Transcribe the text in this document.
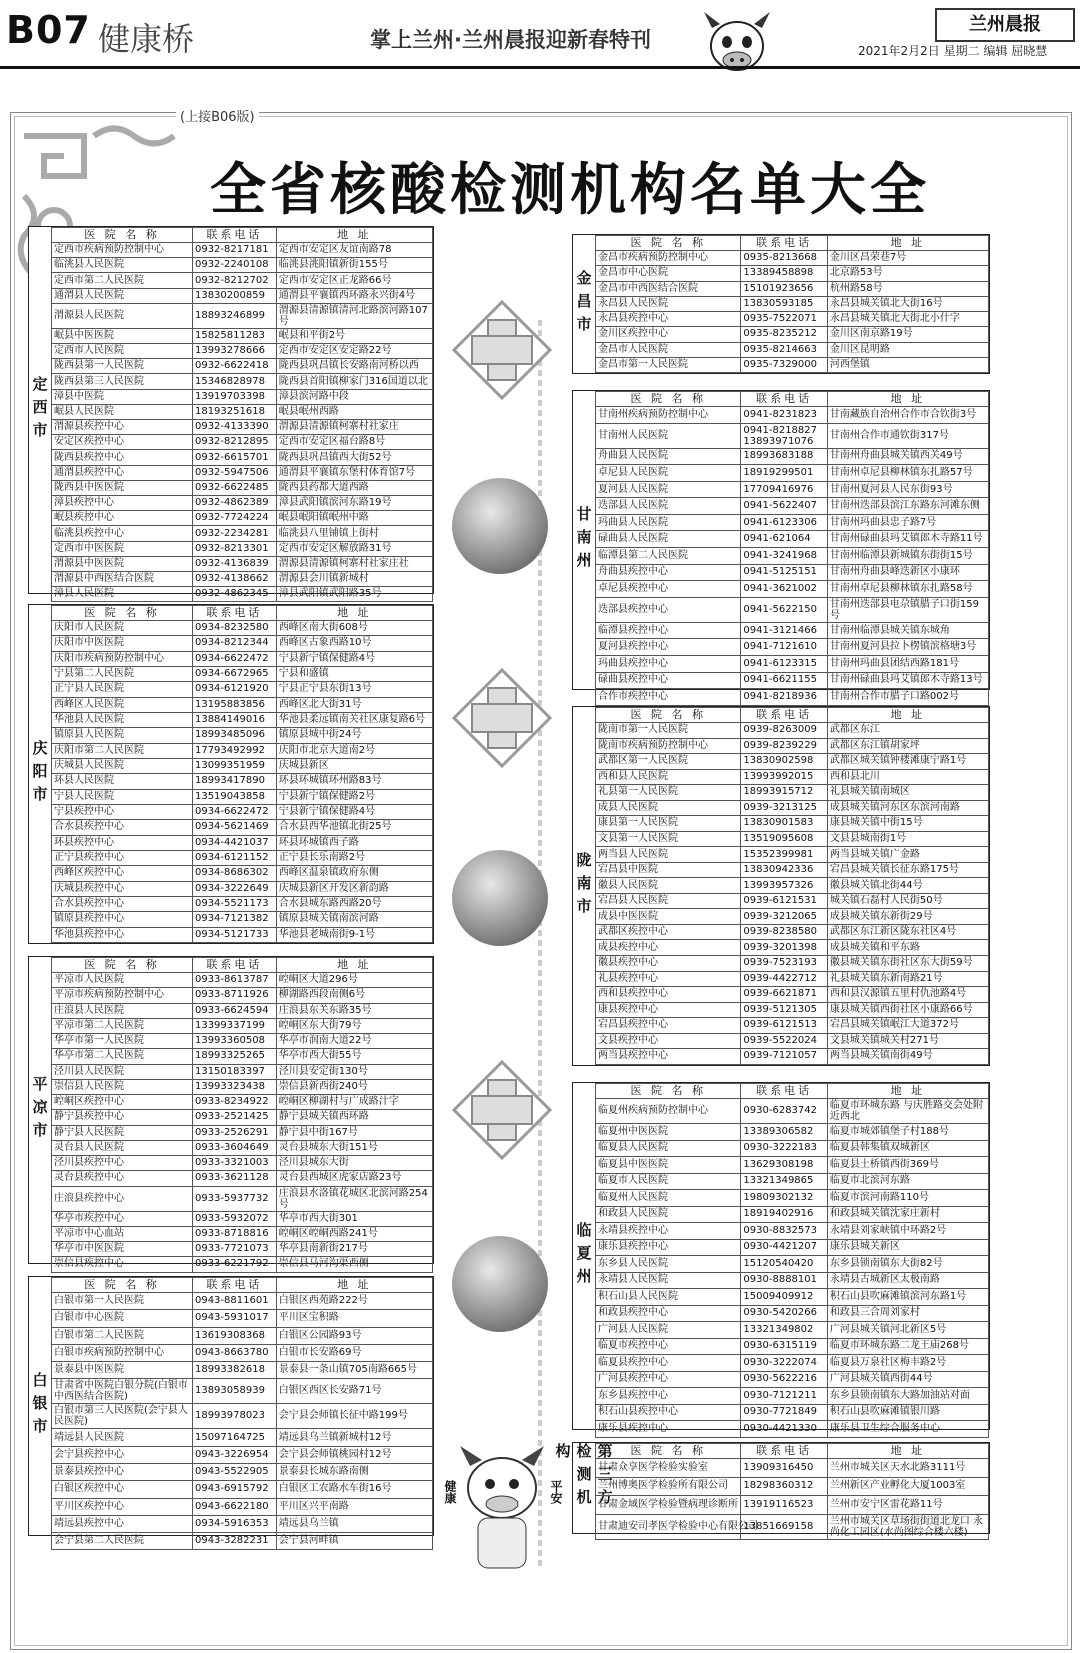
B07 健康桥	掌上兰州·兰州晨报迎新春特刊
兰州晨报
2021年2月2日 星期二 编辑 屈晓慧
(上接B06版)
全省核酸检测机构名单大全
健康	平安
定西市
医 院 名 称	联系电话	地 址
定西市疾病预防控制中心	0932-8217181	定西市安定区友谊南路78
临洮县人民医院	0932-2240108	临洮县洮阳镇新街155号
定西市第二人民医院	0932-8212702	定西市安定区正龙路66号
通渭县人民医院	13830200859	通渭县平襄镇西环路永兴街4号
渭源县人民医院	18893246899	渭源县清源镇清河北路滨河路107号
岷县中医医院	15825811283	岷县和平街2号
定西市人民医院	13993278666	定西市安定区安定路22号
陇西县第一人民医院	0932-6622418	陇西县巩昌镇长安路南河桥以西
陇西县第三人民医院	15346828978	陇西县首阳镇柳家门316国道以北
漳县中医院	13919703398	漳县滨河路中段
岷县人民医院	18193251618	岷县岷州西路
渭源县疾控中心	0932-4133390	渭源县清源镇柯寨村社家庄
安定区疾控中心	0932-8212895	定西市安定区福台路8号
陇西县疾控中心	0932-6615701	陇西县巩昌镇西大街52号
通渭县疾控中心	0932-5947506	通渭县平襄镇东堡村体育馆7号
陇西县中医医院	0932-6622485	陇西县药都大道西路
漳县疾控中心	0932-4862389	漳县武阳镇滨河东路19号
岷县疾控中心	0932-7724224	岷县岷阳镇岷州中路
临洮县疾控中心	0932-2234281	临洮县八里铺镇上街村
定西市中医医院	0932-8213301	定西市安定区解放路31号
渭源县中医医院	0932-4136839	渭源县清源镇柯寨村社家庄社
渭源县中西医结合医院	0932-4138662	渭源县会川镇新城村
漳县人民医院	0932-4862345	漳县武阳镇武阳路35号
庆阳市
医 院 名 称	联系电话	地 址
庆阳市人民医院	0934-8232580	西峰区南大街608号
庆阳市中医医院	0934-8212344	西峰区古象西路10号
庆阳市疾病预防控制中心	0934-6622472	宁县新宁镇保健路4号
宁县第二人民医院	0934-6672965	宁县和盛镇
正宁县人民医院	0934-6121920	宁县正宁县东街13号
西峰区人民医院	13195883856	西峰区北大街31号
华池县人民医院	13884149016	华池县柔远镇南关社区康复路6号
镇原县人民医院	18993485096	镇原县城中街24号
庆阳市第二人民医院	17793492992	庆阳市北京大道南2号
庆城县人民医院	13099351959	庆城县新区
环县人民医院	18993417890	环县环城镇环州路83号
宁县人民医院	13519043858	宁县新宁镇保健路2号
宁县疾控中心	0934-6622472	宁县新宁镇保健路4号
合水县疾控中心	0934-5621469	合水县西华池镇北街25号
环县疾控中心	0934-4421037	环县环城镇西子路
正宁县疾控中心	0934-6121152	正宁县长乐南路2号
西峰区疾控中心	0934-8686302	西峰区温泉镇政府东侧
庆城县疾控中心	0934-3222649	庆城县新区开发区新韵路
合水县疾控中心	0934-5521173	合水县城东路西路20号
镇原县疾控中心	0934-7121382	镇原县城关镇南滨河路
华池县疾控中心	0934-5121733	华池县老城南街9-1号
平凉市
医 院 名 称	联系电话	地 址
平凉市人民医院	0933-8613787	崆峒区大道296号
平凉市疾病预防控制中心	0933-8711926	柳湖路西段南侧6号
庄浪县人民医院	0933-6624594	庄浪县东关东路35号
平凉市第二人民医院	13399337199	崆峒区东大街79号
华亭市第一人民医院	13993360508	华亭市润南大道22号
华亭市第二人民医院	18993325265	华亭市西大街55号
泾川县人民医院	13150183397	泾川县安定街130号
崇信县人民医院	13993323438	崇信县新西街240号
崆峒区疾控中心	0933-8234922	崆峒区柳湖村与广成路汁字
静宁县疾控中心	0933-2521425	静宁县城关镇西环路
静宁县人民医院	0933-2526291	静宁县中街167号
灵台县人民医院	0933-3604649	灵台县城东大街151号
泾川县疾控中心	0933-3321003	泾川县城东大街
灵台县疾控中心	0933-3621128	灵台县西城区虎家店路23号
庄浪县疾控中心	0933-5937732	庄浪县水洛镇花城区北滨河路254号
华亭市疾控中心	0933-5932072	华亭市西大街301
平凉市中心血站	0933-8718816	崆峒区崆峒西路241号
华亭市中医医院	0933-7721073	华亭县南新街217号
崇信县疾控中心	0933-6221792	崇信县马河沟渠西侧
白银市
医 院 名 称	联系电话	地 址
白银市第一人民医院	0943-8811601	白银区西苑路222号
白银市中心医院	0943-5931017	平川区宝积路
白银市第二人民医院	13619308368	白银区公园路93号
白银市疾病预防控制中心	0943-8663780	白银市长安路69号
景泰县中医医院	18993382618	景泰县一条山镇705南路665号
甘肃省中医院白银分院(白银市中西医结合医院)	13893058939	白银区西区长安路71号
白银市第三人民医院(会宁县人民医院)	18993978023	会宁县会师镇长征中路199号
靖远县人民医院	15097164725	靖远县乌兰镇新城村12号
会宁县疾控中心	0943-3226954	会宁县会师镇桃园村12号
景泰县疾控中心	0943-5522905	景泰县长城东路南侧
白银区疾控中心	0943-6915792	白银区工农路水车街16号
平川区疾控中心	0943-6622180	平川区兴平南路
靖远县疾控中心	0934-5916353	靖远县乌兰镇
会宁县第二人民医院	0943-3282231	会宁县河畔镇
金昌市
医 院 名 称	联系电话	地 址
金昌市疾病预防控制中心	0935-8213668	金川区昌荣巷7号
金昌市中心医院	13389458898	北京路53号
金昌市中西医结合医院	15101923656	杭州路58号
永昌县人民医院	13830593185	永昌县城关镇北大街16号
永昌县疾控中心	0935-7522071	永昌县城关镇北大街北小什字
金川区疾控中心	0935-8235212	金川区南京路19号
金昌市人民医院	0935-8214663	金川区昆明路
金昌市第一人民医院	0935-7329000	河西堡镇
甘南州
医 院 名 称	联系电话	地 址
甘南州疾病预防控制中心	0941-8231823	甘南藏族自治州合作市合钦街3号
甘南州人民医院	0941-8218827 13893971076	甘南州合作市通钦街317号
舟曲县人民医院	18993683188	甘南州舟曲县城关镇西关49号
卓尼县人民医院	18919299501	甘南州卓尼县柳林镇东扎路57号
夏河县人民医院	17709416976	甘南州夏河县人民东街93号
迭部县人民医院	0941-5622407	甘南州迭部县滨江东路东河滩东侧
玛曲县人民医院	0941-6123306	甘南州玛曲县忠子路7号
碌曲县人民医院	0941-621064	甘南州碌曲县玛艾镇郎木寺路11号
临潭县第二人民医院	0941-3241968	甘南州临潭县新城镇东街街15号
舟曲县疾控中心	0941-5125151	甘南州舟曲县峰迭新区小康环
卓尼县疾控中心	0941-3621002	甘南州卓尼县柳林镇东扎路58号
迭部县疾控中心	0941-5622150	甘南州迭部县电尕镇腊子口街159号
临潭县疾控中心	0941-3121466	甘南州临潭县城关镇东城角
夏河县疾控中心	0941-7121610	甘南州夏河县拉卜楞镇滨格塘3号
玛曲县疾控中心	0941-6123315	甘南州玛曲县团结西路181号
碌曲县疾控中心	0941-6621155	甘南州碌曲县玛艾镇郎木寺路13号
合作市疾控中心	0941-8218936	甘南州合作市腊子口路002号
陇南市
医 院 名 称	联系电话	地 址
陇南市第一人民医院	0939-8263009	武都区东江
陇南市疾病预防控制中心	0939-8239229	武都区东江镇胡家坪
武都区第一人民医院	13830902598	武都区城关镇钟楼滩康宁路1号
西和县人民医院	13993992015	西和县北川
礼县第一人民医院	18993915712	礼县城关镇南城区
成县人民医院	0939-3213125	成县城关镇河东区东滨河南路
康县第一人民医院	13830901583	康县城关镇中街15号
文县第一人民医院	13519095608	文县县城南街1号
两当县人民医院	15352399981	两当县城关镇广金路
宕昌县中医院	13830942336	宕昌县城关镇长征东路175号
徽县人民医院	13993957326	徽县城关镇北街44号
宕昌县人民医院	0939-6121531	城关镇石磊村人民街50号
成县中医医院	0939-3212065	成县城关镇东新街29号
武都区疾控中心	0939-8238580	武都区东江新区陇东社区4号
成县疾控中心	0939-3201398	成县城关镇和平东路
徽县疾控中心	0939-7523193	徽县城关镇东街社区东大街59号
礼县疾控中心	0939-4422712	礼县城关镇东新南路21号
西和县疾控中心	0939-6621871	西和县汉源镇五里村仇池路4号
康县疾控中心	0939-5121305	康县城关镇西街社区小康路66号
宕昌县疾控中心	0939-6121513	宕昌县城关镇岷江大道372号
文县疾控中心	0939-5522024	文县城关镇城关村271号
两当县疾控中心	0939-7121057	两当县城关镇南街49号
临夏州
医 院 名 称	联系电话	地 址
临夏州疾病预防控制中心	0930-6283742	临夏市环城东路 与庆胜路交会处附近西北
临夏州中医医院	13389306582	临夏市城郊镇堡子村188号
临夏县人民医院	0930-3222183	临夏县韩集镇双城新区
临夏县中医医院	13629308198	临夏县土桥镇西街369号
临夏市人民医院	13321349865	临夏市北滨河东路
临夏州人民医院	19809302132	临夏市滨河南路110号
和政县人民医院	18919402916	和政县城关镇沈家庄新村
永靖县疾控中心	0930-8832573	永靖县刘家峡镇中环路2号
康乐县疾控中心	0930-4421207	康乐县城关新区
东乡县人民医院	15120540420	东乡县锁南镇东大街82号
永靖县人民医院	0930-8888101	永靖县古城新区太极南路
积石山县人民医院	15009409912	积石山县吹麻滩镇滨河东路1号
和政县疾控中心	0930-5420266	和政县三合周刘家村
广河县人民医院	13321349802	广河县城关镇河北新区5号
临夏市疾控中心	0930-6315119	临夏市环城东路二龙王庙268号
临夏县疾控中心	0930-3222074	临夏县万泉社区梅丰路2号
广河县疾控中心	0930-5622216	广河县城关镇西街44号
东乡县疾控中心	0930-7121211	东乡县锁南镇东大路加油站对面
积石山县疾控中心	0930-7721849	积石山县吹麻滩镇银川路
康乐县疾控中心	0930-4421330	康乐县卫生综合服务中心
第三方检测机构	医 院 名 称	联系电话	地 址
甘肃众享医学检验实验室	13909316450	兰州市城关区天水北路3111号
兰州博奥医学检验所有限公司	18298360312	兰州新区产业孵化大厦1003室
甘肃金域医学检验暨病理诊断所	13919116523	兰州市安宁区雷花路11号
甘肃迪安司孝医学检验中心有限公司	13851669158	兰州市城关区草场街街道北龙口 永尚化工园区(水尚图综合楼六楼)
